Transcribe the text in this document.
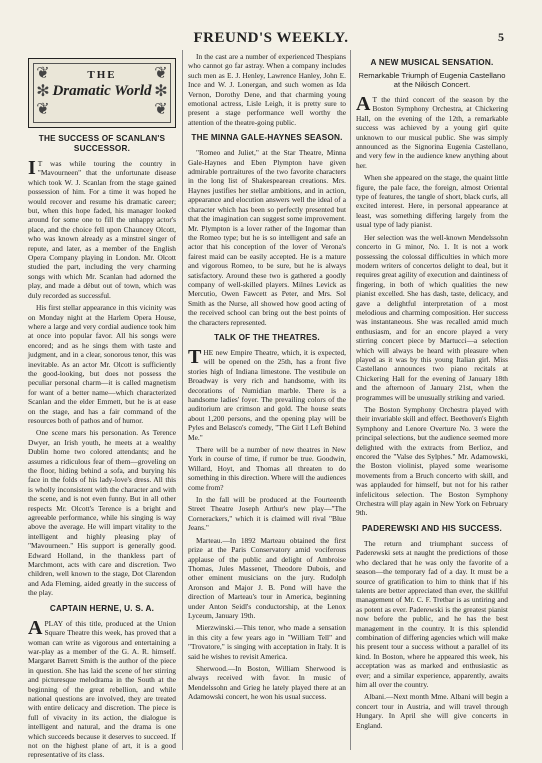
FREUND'S WEEKLY.	5
❦
✻
❦
❦
✻
❦
THE
Dramatic World
THE SUCCESS OF SCANLAN'S SUCCESSOR.

I T was while touring the country in "Mavourneen" that the unfortunate disease which took W. J. Scanlan from the stage gained possession of him. For a time it was hoped he would recover and resume his dramatic career; but, when this hope faded, his manager looked around for some one to fill the unhappy actor's place, and the choice fell upon Chauncey Olcott, who was known already as a minstrel singer of repute, and later, as a member of the English Opera Company playing in London. Mr. Olcott studied the part, including the very charming songs with which Mr. Scanlan had adorned the play, and made a début out of town, which was duly recorded as successful.

His first stellar appearance in this vicinity was on Monday night at the Harlem Opera House, where a large and very cordial audience took him at once into popular favor. All his songs were encored; and as he sings them with taste and judgment, and in a clear, sonorous tenor, this was inevitable. As an actor Mr. Olcott is sufficiently the good-looking, but does not possess the peculiar personal charm—it is called magnetism for want of a better name—which characterized Scanlan and the elder Emmett, but he is at ease on the stage, and has a fair command of the resources both of pathos and of humor.

One scene mars his personation. As Terence Dwyer, an Irish youth, he meets at a wealthy Dublin home two colored attendants; and he assumes a ridiculous fear of them—groveling on the floor, hiding behind a sofa, and burying his face in the folds of his lady-love's dress. All this is wholly inconsistent with the character and with the scene, and is not even funny. But in all other respects Mr. Olcott's Terence is a bright and agreeable performance, while his singing is way above the average. He will impart vitality to the intelligent and highly pleasing play of "Mavourneen." His support is generally good. Edward Holland, in the thankless part of Marchmont, acts with care and discretion. Two children, well known to the stage, Dot Clarendon and Ada Fleming, aided greatly in the success of the play.

CAPTAIN HERNE, U. S. A.

A PLAY of this title, produced at the Union Square Theatre this week, has proved that a woman can write as vigorous and entertaining a war-play as a member of the G. A. R. himself. Margaret Barrett Smith is the author of the piece in question. She has laid the scene of her stirring and picturesque melodrama in the South at the beginning of the great rebellion, and while national questions are involved, they are treated with entire delicacy and discretion. The piece is full of vivacity in its action, the dialogue is intelligent and natural, and the drama is one which succeeds because it deserves to succeed. If not on the highest plane of art, it is a good representative of its class.

In the cast are a number of experienced Thespians who cannot go far astray. When a company includes such men as E. J. Henley, Lawrence Hanley, John E. Ince and W. J. Lonergan, and such women as Ida Vernon, Dorothy Dene, and that charming young emotional actress, Lisle Leigh, it is pretty sure to present a stage performance well worthy the attention of the theatre-going public.

THE MINNA GALE-HAYNES SEASON.

"Romeo and Juliet," at the Star Theatre, Minna Gale-Haynes and Eben Plympton have given admirable portraitures of the two favorite characters in the long list of Shakespearean creations. Mrs. Haynes justifies her stellar ambitions, and in action, appearance and elocution answers well the ideal of a character which has been so perfectly presented but that the imagination can suggest some improvement. Mr. Plympton is a lover rather of the Ingomar than the Romeo type; but he is so intelligent and safe an actor that his conception of the lover of Verona's fairest maid can be easily accepted. He is a mature and vigorous Romeo, to be sure, but he is always satisfactory. Around these two is gathered a goodly company of well-skilled players. Milnes Levick as Mercutio, Owen Fawcett as Peter, and Mrs. Sol Smith as the Nurse, all showed how good acting of the received school can bring out the best points of the characters represented.

TALK OF THE THEATRES.

THE new Empire Theatre, which, it is expected, will be opened on the 25th, has a front five stories high of Indiana limestone. The vestibule on Broadway is very rich and handsome, with its decorations of Numidian marble. There is a handsome ladies' foyer. The prevailing colors of the auditorium are crimson and gold. The house seats about 1,200 persons, and the opening play will be Pyles and Belasco's comedy, "The Girl I Left Behind Me."

There will be a number of new theatres in New York in course of time, if rumor be true. Goodwin, Willard, Hoyt, and Thomas all threaten to do something in this direction. Where will the audiences come from?

In the fall will be produced at the Fourteenth Street Theatre Joseph Arthur's new play—"The Cornerackers," which it is claimed will rival "Blue Jeans."

Marteau.—In 1892 Marteau obtained the first prize at the Paris Conservatory amid vociferous applause of the public and delight of Ambroise Thomas, Jules Massenet, Theodore Dubois, and other eminent musicians on the jury. Rudolph Aronson and Major J. B. Pond will have the direction of Marteau's tour in America, beginning under Anton Seidl's conductorship, at the Lenox Lyceum, January 19th.

Mierzwinski.—This tenor, who made a sensation in this city a few years ago in "William Tell" and "Trovatore," is singing with acceptation in Italy. It is said he wishes to revisit America.

Sherwood.—In Boston, William Sherwood is always received with favor. In music of Mendelssohn and Grieg he lately played there at an Adamowski concert, he won his usual success.

A NEW MUSICAL SENSATION.
Remarkable Triumph of Eugenia Castellano at the Nikisch Concert.

A T the third concert of the season by the Boston Symphony Orchestra, at Chickering Hall, on the evening of the 12th, a remarkable success was achieved by a young girl quite unknown to our musical public. She was simply announced as the Signorina Eugenia Castellano, and very few in the audience knew anything about her.

When she appeared on the stage, the quaint little figure, the pale face, the foreign, almost Oriental type of features, the tangle of short, black curls, all excited interest. Here, in personal appearance at least, was something differing largely from the usual type of lady pianist.

Her selection was the well-known Mendelssohn concerto in G minor, No. 1. It is not a work possessing the colossal difficulties in which more modern writers of concertos delight to deal, but it requires great agility of execution and daintiness of fingering, in both of which qualities the new pianist excelled. She has dash, taste, delicacy, and gave a delightful interpretation of a most melodious and charming composition. Her success was instantaneous. She was recalled amid much enthusiasm, and for an encore played a very stirring concert piece by Martucci—a selection which will always be heard with pleasure when played as it was by this young Italian girl. Miss Castellano announces two piano recitals at Chickering Hall for the evening of January 18th and the afternoon of January 21st, when the programmes will be unusually striking and varied.

The Boston Symphony Orchestra played with their invariable skill and effect. Beethoven's Eighth Symphony and Lenore Overture No. 3 were the principal selections, but the audience seemed more delighted with the extracts from Berlioz, and encored the "Valse des Sylphes." Mr. Adamowski, the Boston violinist, played some wearisome movements from a Bruch concerto with skill, and was applauded for himself, but not for his rather infelicitous selection. The Boston Symphony Orchestra will play again in New York on February 9th.

PADEREWSKI AND HIS SUCCESS.

The return and triumphant success of Paderewski sets at naught the predictions of those who declared that he was only the favorite of a season—the temporary fad of a day. It must be a source of gratification to him to think that if his talents are better appreciated than ever, the skillful management of Mr. C. F. Tretbar is as untiring and as potent as ever. Paderewski is the greatest pianist now before the public, and he has the best management in the country. It is this splendid combination of differing agencies which will make his present tour a success without a parallel of its kind. In Boston, where he appeared this week, his acceptation was as marked and enthusiastic as ever; and a similar experience, apparently, awaits him all over the country.

Albani.—Next month Mme. Albani will begin a concert tour in Austria, and will travel through Hungary. In April she will give concerts in England.
